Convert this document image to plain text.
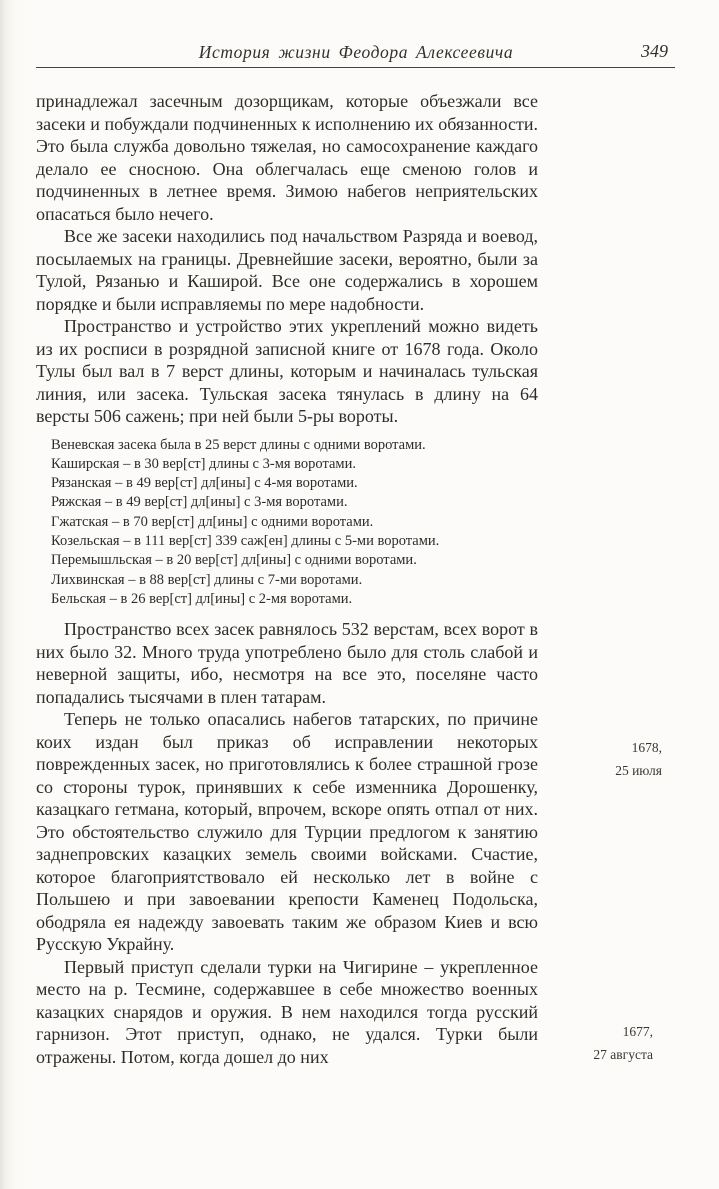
История жизни Феодора Алексеевича	349

принадлежал засечным дозорщикам, которые объезжали все засеки и побуждали подчиненных к исполнению их обязанности. Это была служба довольно тяжелая, но самосохранение каждаго делало ее сносною. Она облегчалась еще сменою голов и подчиненных в летнее время. Зимою набегов неприятельских опасаться было нечего.

Все же засеки находились под начальством Разряда и воевод, посылаемых на границы. Древнейшие засеки, вероятно, были за Тулой, Рязанью и Каширой. Все оне содержались в хорошем порядке и были исправляемы по мере надобности.

Пространство и устройство этих укреплений можно видеть из их росписи в розрядной записной книге от 1678 года. Около Тулы был вал в 7 верст длины, которым и начиналась тульская линия, или засека. Тульская засека тянулась в длину на 64 версты 506 сажень; при ней были 5-ры вороты.

Веневская засека была в 25 верст длины с одними воротами.
Каширская – в 30 вер[ст] длины с 3-мя воротами.
Рязанская – в 49 вер[ст] дл[ины] с 4-мя воротами.
Ряжская – в 49 вер[ст] дл[ины] с 3-мя воротами.
Гжатская – в 70 вер[ст] дл[ины] с одними воротами.
Козельская – в 111 вер[ст] 339 саж[ен] длины с 5-ми воротами.
Перемышльская – в 20 вер[ст] дл[ины] с одними воротами.
Лихвинская – в 88 вер[ст] длины с 7-ми воротами.
Бельская – в 26 вер[ст] дл[ины] с 2-мя воротами.

Пространство всех засек равнялось 532 верстам, всех ворот в них было 32. Много труда употреблено было для столь слабой и неверной защиты, ибо, несмотря на все это, поселяне часто попадались тысячами в плен татарам.

Теперь не только опасались набегов татарских, по причине коих издан был приказ об исправлении некоторых поврежденных засек, но приготовлялись к более страшной грозе со стороны турок, принявших к себе изменника Дорошенку, казацкаго гетмана, который, впрочем, вскоре опять отпал от них. Это обстоятельство служило для Турции предлогом к занятию заднепровских казацких земель своими войсками. Счастие, которое благоприятствовало ей несколько лет в войне с Польшею и при завоевании крепости Каменец Подольска, ободряла ея надежду завоевать таким же образом Киев и всю Русскую Украйну.

Первый приступ сделали турки на Чигирине – укрепленное место на р. Тесмине, содержавшее в себе множество военных казацких снарядов и оружия. В нем находился тогда русский гарнизон. Этот приступ, однако, не удался. Турки были отражены. Потом, когда дошел до них

1678,
25 июля
1677,
27 августа
